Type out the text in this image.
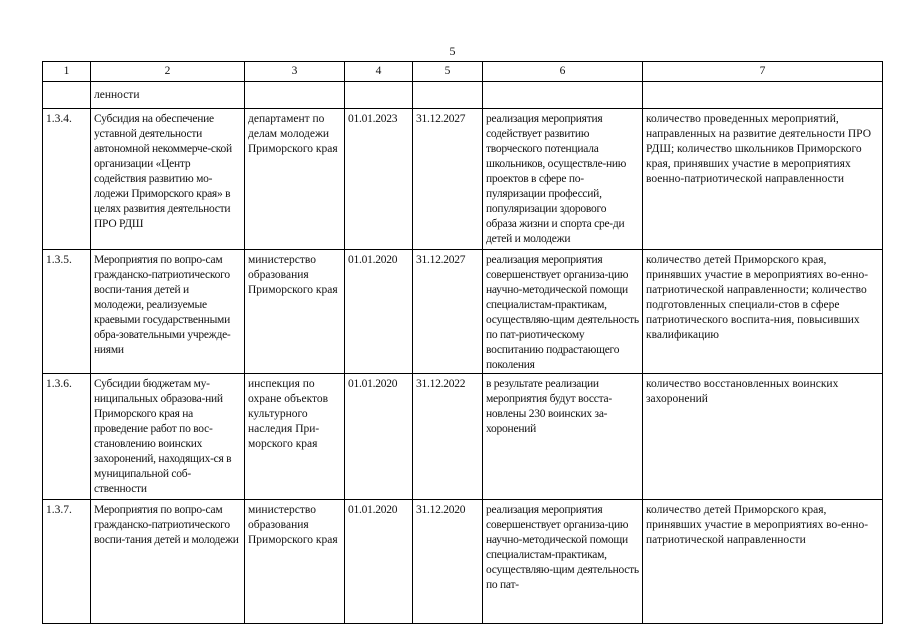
5
1	2	3	4	5	6	7
	ленности					
1.3.4.	Субсидия на обеспечение уставной деятельности автономной некоммерче-ской организации «Центр содействия развитию мо-лодежи Приморского края» в целях развития деятельности ПРО РДШ	департамент по делам молодежи Приморского края	01.01.2023	31.12.2027	реализация мероприятия содействует развитию творческого потенциала школьников, осуществле-нию проектов в сфере по-пуляризации профессий, популяризации здорового образа жизни и спорта сре-ди детей и молодежи	количество проведенных мероприятий, направленных на развитие деятельности ПРО РДШ; количество школьников Приморского края, принявших участие в мероприятиях военно-патриотической направленности
1.3.5.	Мероприятия по вопро-сам гражданско-патриотического воспи-тания детей и молодежи, реализуемые краевыми государственными обра-зовательными учрежде-ниями	министерство образования Приморского края	01.01.2020	31.12.2027	реализация мероприятия совершенствует организа-цию научно-методической помощи специалистам-практикам, осуществляю-щим деятельность по пат-риотическому воспитанию подрастающего поколения	количество детей Приморского края, принявших участие в мероприятиях во-енно-патриотической направленности; количество подготовленных специали-стов в сфере патриотического воспита-ния, повысивших квалификацию
1.3.6.	Субсидии бюджетам му-ниципальных образова-ний Приморского края на проведение работ по вос-становлению воинских захоронений, находящих-ся в муниципальной соб-ственности	инспекция по охране объектов культурного наследия При-морского края	01.01.2020	31.12.2022	в результате реализации мероприятия будут восста-новлены 230 воинских за-хоронений	количество восстановленных воинских захоронений
1.3.7.	Мероприятия по вопро-сам гражданско-патриотического воспи-тания детей и молодежи	министерство образования Приморского края	01.01.2020	31.12.2020	реализация мероприятия совершенствует организа-цию научно-методической помощи специалистам-практикам, осуществляю-щим деятельность по пат-	количество детей Приморского края, принявших участие в мероприятиях во-енно-патриотической направленности
